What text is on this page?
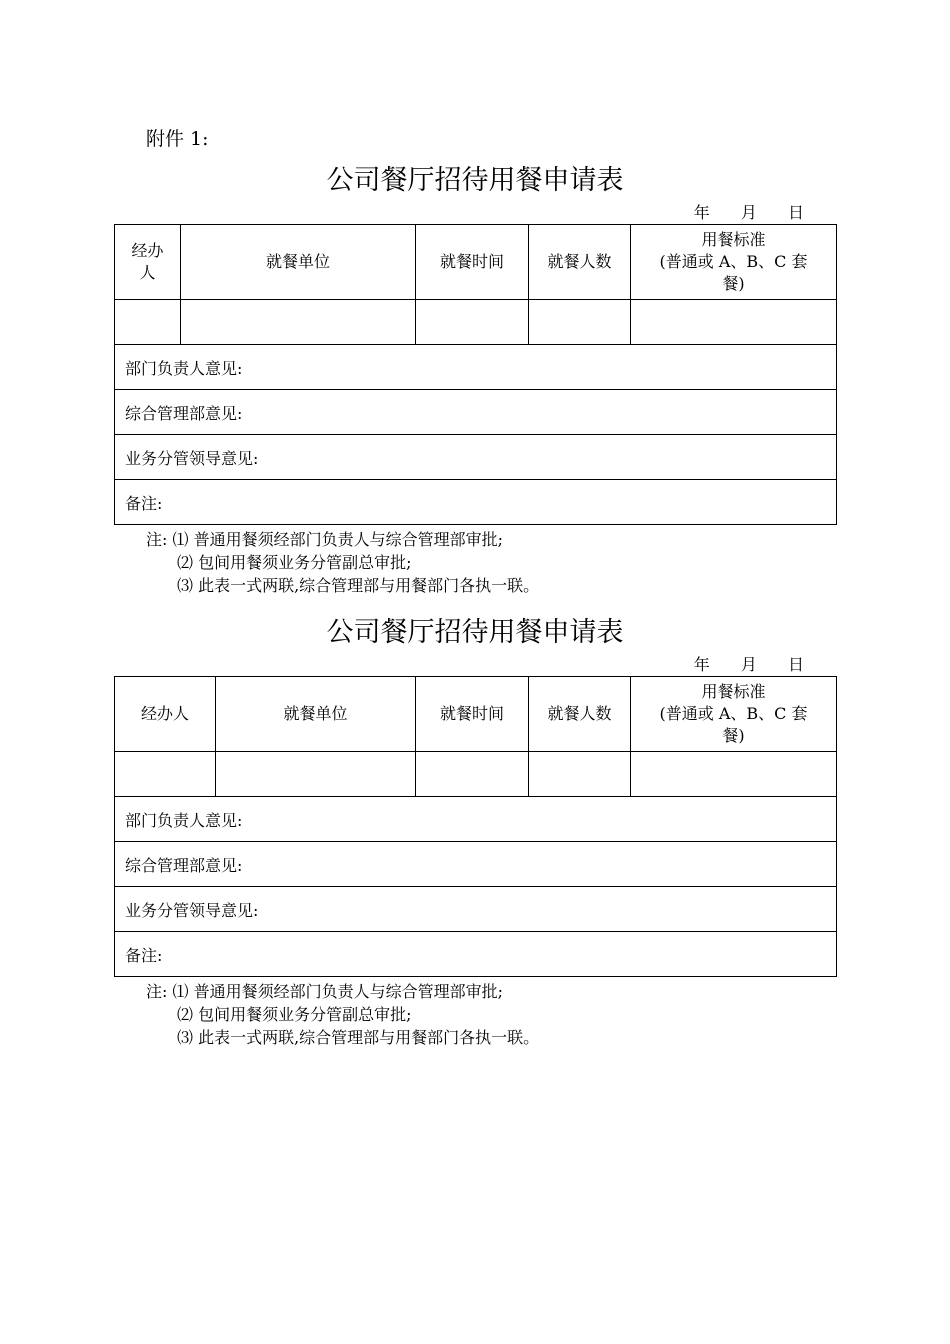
附件 1:
公司餐厅招待用餐申请表
年 月 日
经办人	就餐单位	就餐时间	就餐人数	用餐标准
(普通或 A、B、C 套餐)

部门负责人意见:				
综合管理部意见:				
业务分管领导意见:				
备注:				
注: ⑴ 普通用餐须经部门负责人与综合管理部审批;
⑵ 包间用餐须业务分管副总审批;
⑶ 此表一式两联,综合管理部与用餐部门各执一联。
公司餐厅招待用餐申请表
年 月 日
经办人	就餐单位	就餐时间	就餐人数	用餐标准
(普通或 A、B、C 套餐)

部门负责人意见:				
综合管理部意见:				
业务分管领导意见:				
备注:				
注: ⑴ 普通用餐须经部门负责人与综合管理部审批;
⑵ 包间用餐须业务分管副总审批;
⑶ 此表一式两联,综合管理部与用餐部门各执一联。
